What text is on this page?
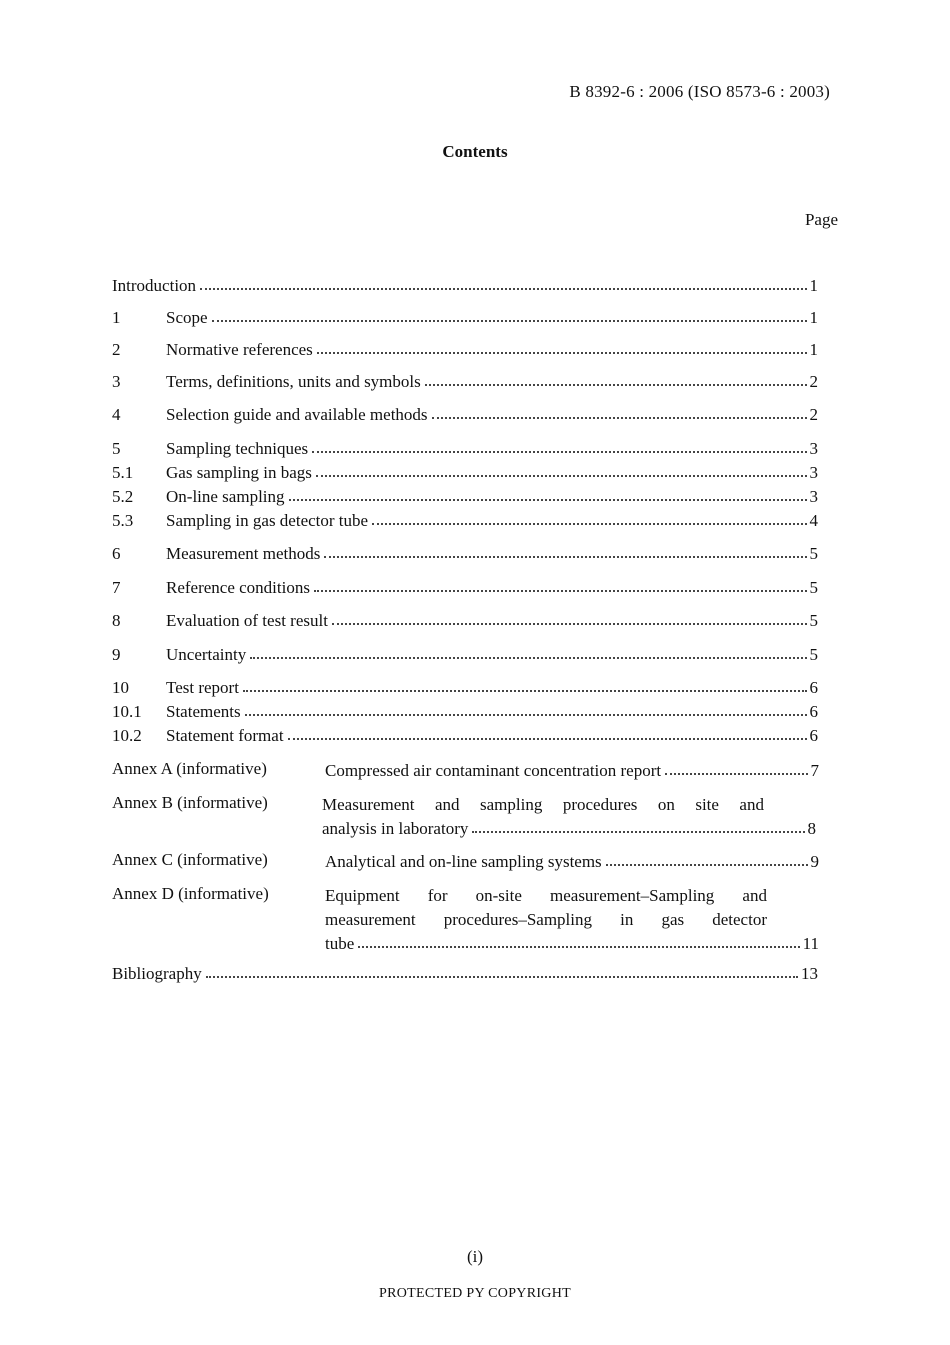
B 8392-6 : 2006 (ISO 8573-6 : 2003)
Contents
Page
Introduction	1
1	Scope	1
2	Normative references	1
3	Terms, definitions, units and symbols	2
4	Selection guide and available methods	2
5	Sampling techniques	3
5.1	Gas sampling in bags	3
5.2	On-line sampling	3
5.3	Sampling in gas detector tube	4
6	Measurement methods	5
7	Reference conditions	5
8	Evaluation of test result	5
9	Uncertainty	5
10	Test report	6
10.1	Statements	6
10.2	Statement format	6
Annex A (informative)	Compressed air contaminant concentration report	7
Annex B (informative)	Measurement and sampling procedures on site and
analysis in laboratory	8
Annex C (informative)	Analytical and on-line sampling systems	9
Annex D (informative)	Equipment for on-site measurement–Sampling and
measurement procedures–Sampling in gas detector
tube	11
Bibliography	13
(i)
PROTECTED PY COPYRIGHT
